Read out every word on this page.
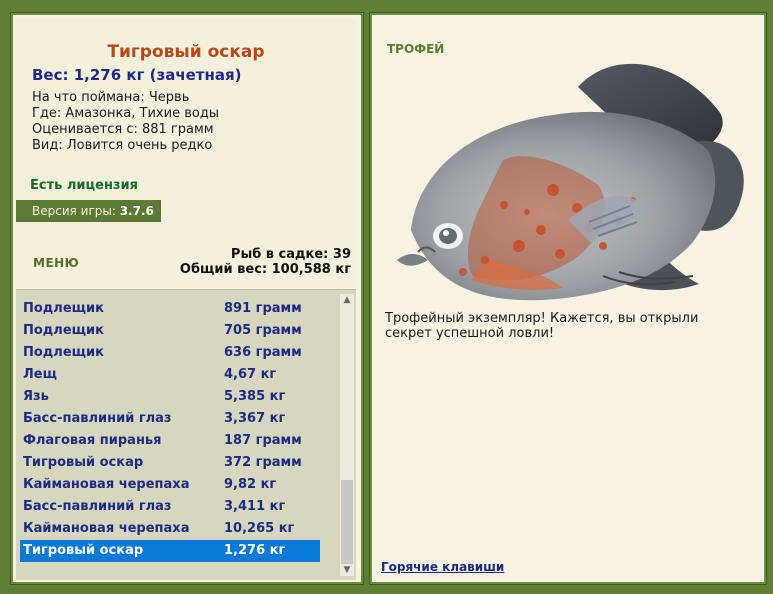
Тигровый оскар
Вес: 1,276 кг (зачетная)
На что поймана: Червь
Где: Амазонка, Тихие воды
Оценивается с: 881 грамм
Вид: Ловится очень редко
Есть лицензия
Версия игры: 3.7.6
МЕНЮ
Рыб в садке: 39
Общий вес: 100,588 кг
Подлещик	891 грамм
Подлещик	705 грамм
Подлещик	636 грамм
Лещ	4,67 кг
Язь	5,385 кг
Басс-павлиний глаз	3,367 кг
Флаговая пиранья	187 грамм
Тигровый оскар	372 грамм
Каймановая черепаха	9,82 кг
Басс-павлиний глаз	3,411 кг
Каймановая черепаха	10,265 кг
Тигровый оскар	1,276 кг
▲
▼
ТРОФЕЙ
Трофейный экземпляр! Кажется, вы открыли секрет успешной ловли!
Горячие клавиши
